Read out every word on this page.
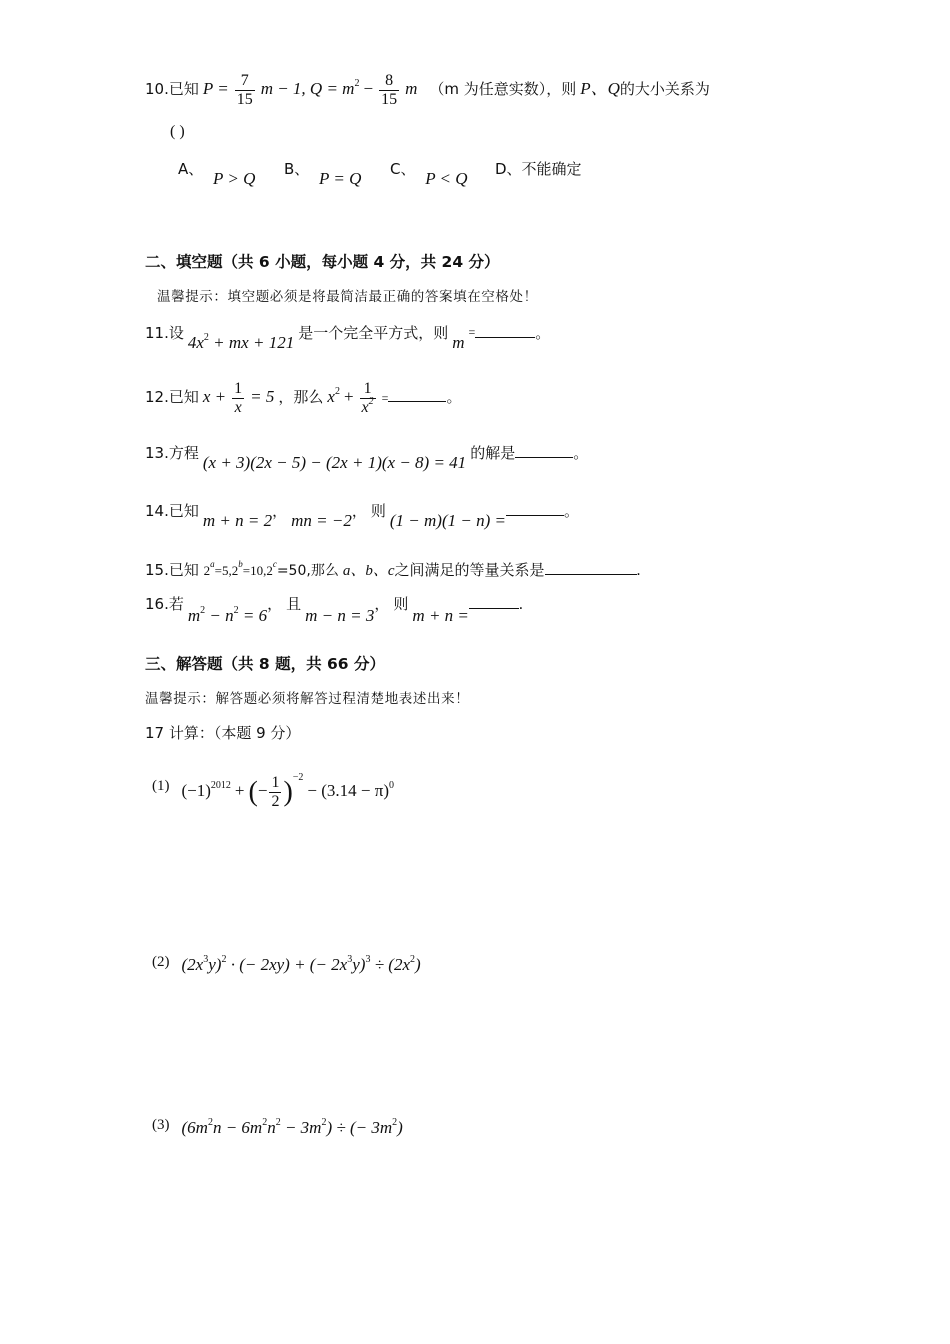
10.已知 $P = \frac{7}{15}$ m − 1, $Q = m^2 - \frac{8}{15}$ m （m 为任意实数），则 P、Q的大小关系为
( )
A、 P > Q B、 P = Q C、 P < Q D、不能确定
二、填空题（共 6 小题，每小题 4 分，共 24 分）
温馨提示：填空题必须是将最简洁最正确的答案填在空格处！
11.设 $4x^2$ + mx + 121 是一个完全平方式，则 m =	。
12.已知 $x + \frac{1}{x} = 5$ ，那么 $x^2 + \frac{1}{x^2}$ =	。
13.方程 (x + 3)(2x − 5) − (2x + 1)(x − 8) = 41 的解是	。
14.已知 m + n = 2， mn = −2， 则 (1 − m)(1 − n) =	。
15.已知 $2^a=5,2^b=10,2^c=50$,那么 a、b、c之间满足的等量关系是	.
16.若 $m^2 - n^2 = 6$， 且 m − n = 3， 则 m + n =.
三、解答题（共 8 题，共 66 分）
温馨提示：解答题必须将解答过程清楚地表述出来！
17 计算：（本题 9 分）
(1) $(-1)^{2012}$ + (− $\frac{1}{2} )^{-2} - (3.14 - \pi)^0$
(2) $(2x^3y)^2$ · (− 2xy) + (− $2x^3y)^3 \div (2x^2)$
(3) $(6m^2n - 6m^2n^2 - 3m^2)$ ÷ (− $3m^2$)
